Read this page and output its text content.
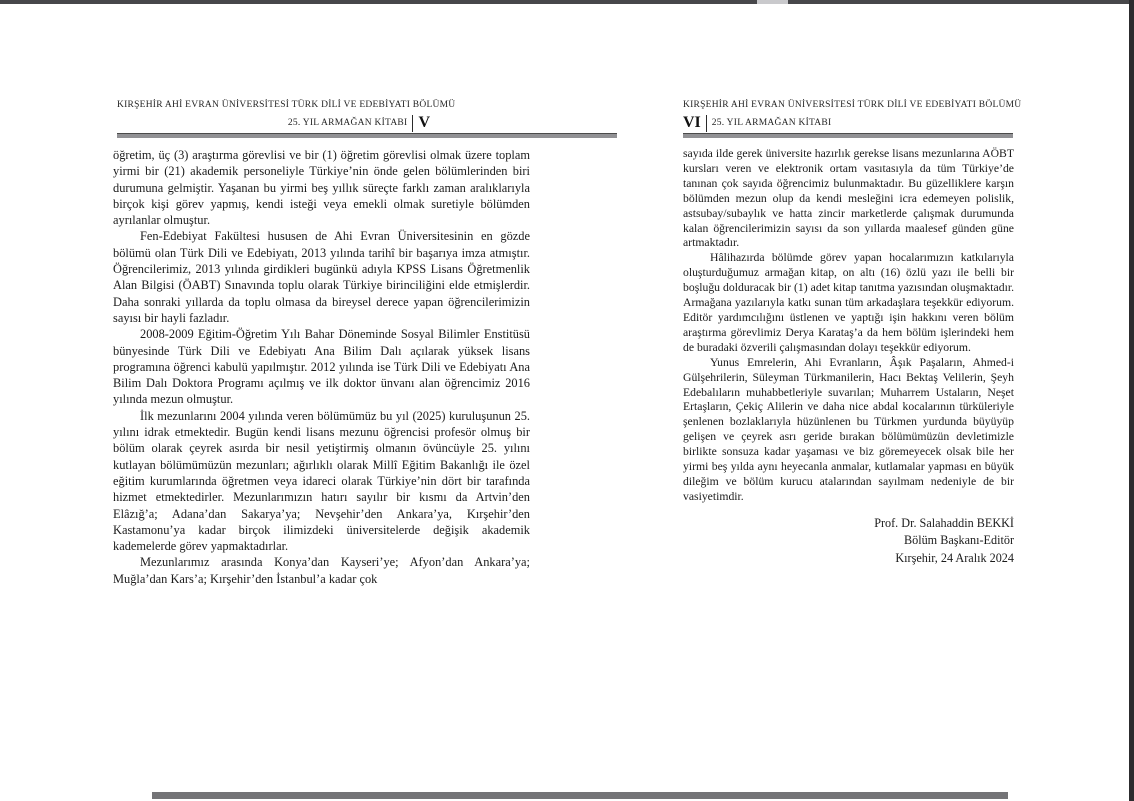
KIRŞEHİR AHİ EVRAN ÜNİVERSİTESİ TÜRK DİLİ VE EDEBİYATI BÖLÜMÜ
25. YIL ARMAĞAN KİTABI V

öğretim, üç (3) araştırma görevlisi ve bir (1) öğretim görevlisi olmak üzere toplam yirmi bir (21) akademik personeliyle Türkiye’nin önde gelen bölümlerinden biri durumuna gelmiştir. Yaşanan bu yirmi beş yıllık süreçte farklı zaman aralıklarıyla birçok kişi görev yapmış, kendi isteği veya emekli olmak suretiyle bölümden ayrılanlar olmuştur.

Fen-Edebiyat Fakültesi hususen de Ahi Evran Üniversitesinin en gözde bölümü olan Türk Dili ve Edebiyatı, 2013 yılında tarihî bir başarıya imza atmıştır. Öğrencilerimiz, 2013 yılında girdikleri bugünkü adıyla KPSS Lisans Öğretmenlik Alan Bilgisi (ÖABT) Sınavında toplu olarak Türkiye birinciliğini elde etmişlerdir. Daha sonraki yıllarda da toplu olmasa da bireysel derece yapan öğrencilerimizin sayısı bir hayli fazladır.

2008-2009 Eğitim-Öğretim Yılı Bahar Döneminde Sosyal Bilimler Enstitüsü bünyesinde Türk Dili ve Edebiyatı Ana Bilim Dalı açılarak yüksek lisans programına öğrenci kabulü yapılmıştır. 2012 yılında ise Türk Dili ve Edebiyatı Ana Bilim Dalı Doktora Programı açılmış ve ilk doktor ünvanı alan öğrencimiz 2016 yılında mezun olmuştur.

İlk mezunlarını 2004 yılında veren bölümümüz bu yıl (2025) kuruluşunun 25. yılını idrak etmektedir. Bugün kendi lisans mezunu öğrencisi profesör olmuş bir bölüm olarak çeyrek asırda bir nesil yetiştirmiş olmanın övüncüyle 25. yılını kutlayan bölümümüzün mezunları; ağırlıklı olarak Millî Eğitim Bakanlığı ile özel eğitim kurumlarında öğretmen veya idareci olarak Türkiye’nin dört bir tarafında hizmet etmektedirler. Mezunlarımızın hatırı sayılır bir kısmı da Artvin’den Elâzığ’a; Adana’dan Sakarya’ya; Nevşehir’den Ankara’ya, Kırşehir’den Kastamonu’ya kadar birçok ilimizdeki üniversitelerde değişik akademik kademelerde görev yapmaktadırlar.

Mezunlarımız arasında Konya’dan Kayseri’ye; Afyon’dan Ankara’ya; Muğla’dan Kars’a; Kırşehir’den İstanbul’a kadar çok

KIRŞEHİR AHİ EVRAN ÜNİVERSİTESİ TÜRK DİLİ VE EDEBİYATI BÖLÜMÜ
VI 25. YIL ARMAĞAN KİTABI

sayıda ilde gerek üniversite hazırlık gerekse lisans mezunlarına AÖBT kursları veren ve elektronik ortam vasıtasıyla da tüm Türkiye’de tanınan çok sayıda öğrencimiz bulunmaktadır. Bu güzelliklere karşın bölümden mezun olup da kendi mesleğini icra edemeyen polislik, astsubay/subaylık ve hatta zincir marketlerde çalışmak durumunda kalan öğrencilerimizin sayısı da son yıllarda maalesef günden güne artmaktadır.

Hâlihazırda bölümde görev yapan hocalarımızın katkılarıyla oluşturduğumuz armağan kitap, on altı (16) özlü yazı ile belli bir boşluğu dolduracak bir (1) adet kitap tanıtma yazısından oluşmaktadır. Armağana yazılarıyla katkı sunan tüm arkadaşlara teşekkür ediyorum. Editör yardımcılığını üstlenen ve yaptığı işin hakkını veren bölüm araştırma görevlimiz Derya Karataş’a da hem bölüm işlerindeki hem de buradaki özverili çalışmasından dolayı teşekkür ediyorum.

Yunus Emrelerin, Ahi Evranların, Âşık Paşaların, Ahmed-i Gülşehrilerin, Süleyman Türkmanilerin, Hacı Bektaş Velilerin, Şeyh Edebalıların muhabbetleriyle suvarılan; Muharrem Ustaların, Neşet Ertaşların, Çekiç Alilerin ve daha nice abdal kocalarının türküleriyle şenlenen bozlaklarıyla hüzünlenen bu Türkmen yurdunda büyüyüp gelişen ve çeyrek asrı geride bırakan bölümümüzün devletimizle birlikte sonsuza kadar yaşaması ve biz göremeyecek olsak bile her yirmi beş yılda aynı heyecanla anmalar, kutlamalar yapması en büyük dileğim ve bölüm kurucu atalarından sayılmam nedeniyle de bir vasiyetimdir.

Prof. Dr. Salahaddin BEKKİ
Bölüm Başkanı-Editör
Kırşehir, 24 Aralık 2024
